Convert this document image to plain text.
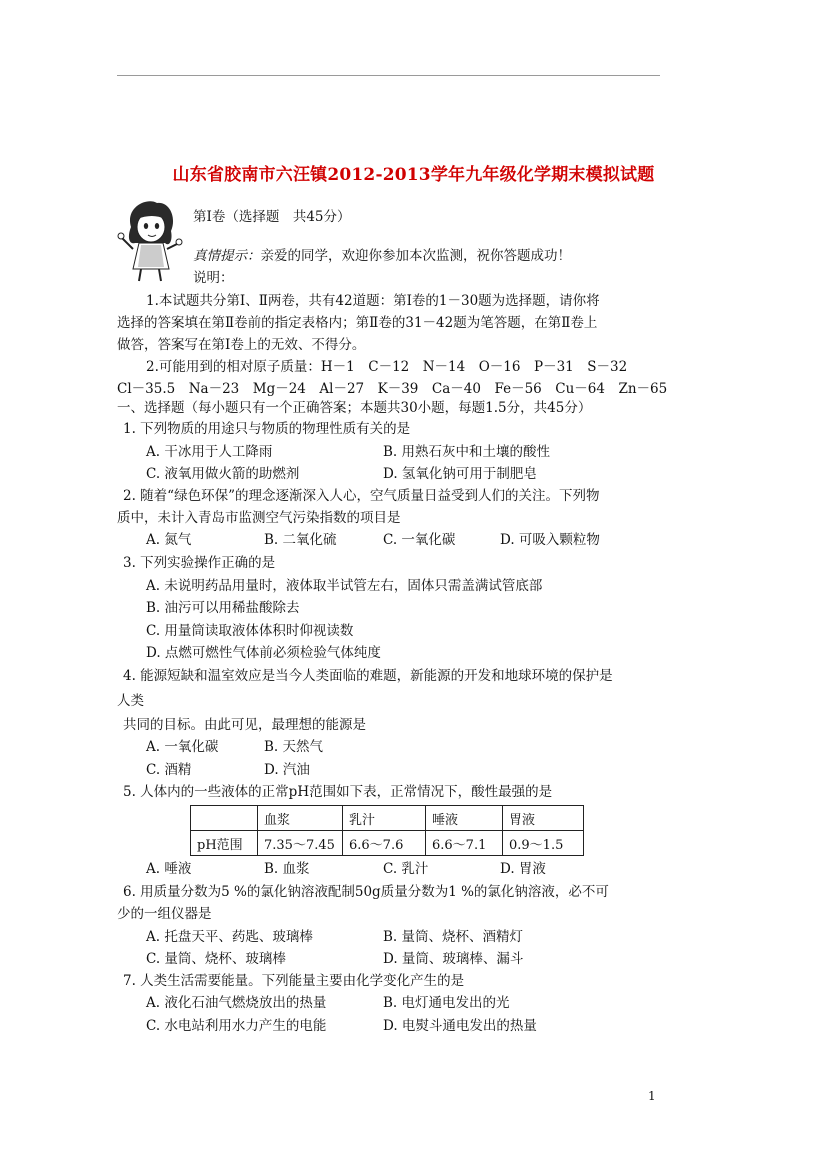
山东省胶南市六汪镇2012-2013学年九年级化学期末模拟试题
第Ⅰ卷（选择题　共45分）
真情提示：亲爱的同学，欢迎你参加本次监测，祝你答题成功！
说明：
1.本试题共分第Ⅰ、Ⅱ两卷，共有42道题：第Ⅰ卷的1－30题为选择题，请你将
选择的答案填在第Ⅱ卷前的指定表格内；第Ⅱ卷的31－42题为笔答题，在第Ⅱ卷上
做答，答案写在第Ⅰ卷上的无效、不得分。
2.可能用到的相对原子质量：H－1　C－12　N－14　O－16　P－31　S－32
Cl－35.5　Na－23　Mg－24　Al－27　K－39　Ca－40　Fe－56　Cu－64　Zn－65
一、选择题（每小题只有一个正确答案；本题共30小题，每题1.5分，共45分）
1. 下列物质的用途只与物质的物理性质有关的是
A. 干冰用于人工降雨	B. 用熟石灰中和土壤的酸性
C. 液氧用做火箭的助燃剂	D. 氢氧化钠可用于制肥皂
2. 随着“绿色环保”的理念逐渐深入人心，空气质量日益受到人们的关注。下列物
质中，未计入青岛市监测空气污染指数的项目是
A. 氮气	B. 二氧化硫	C. 一氧化碳	D. 可吸入颗粒物
3. 下列实验操作正确的是
A. 未说明药品用量时，液体取半试管左右，固体只需盖满试管底部
B. 油污可以用稀盐酸除去
C. 用量筒读取液体体积时仰视读数
D. 点燃可燃性气体前必须检验气体纯度
4. 能源短缺和温室效应是当今人类面临的难题，新能源的开发和地球环境的保护是
人类
共同的目标。由此可见，最理想的能源是
A. 一氧化碳	B. 天然气
C. 酒精	D. 汽油
5. 人体内的一些液体的正常pH范围如下表，正常情况下，酸性最强的是
	血浆	乳汁	唾液	胃液
pH范围	7.35～7.45	6.6～7.6	6.6～7.1	0.9～1.5
A. 唾液	B. 血浆	C. 乳汁	D. 胃液
6. 用质量分数为5 %的氯化钠溶液配制50g质量分数为1 %的氯化钠溶液，必不可
少的一组仪器是
A. 托盘天平、药匙、玻璃棒	B. 量筒、烧杯、酒精灯
C. 量筒、烧杯、玻璃棒	D. 量筒、玻璃棒、漏斗
7. 人类生活需要能量。下列能量主要由化学变化产生的是
A. 液化石油气燃烧放出的热量	B. 电灯通电发出的光
C. 水电站利用水力产生的电能	D. 电熨斗通电发出的热量
1
